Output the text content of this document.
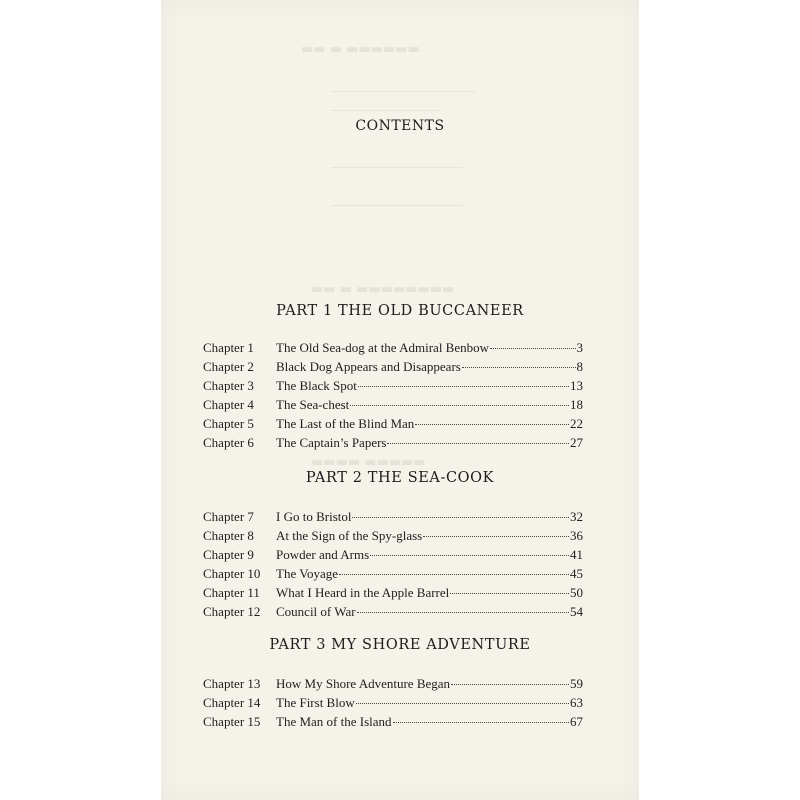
▬▬ ▬ ▬▬▬▬▬▬
――――――――――――
―――――――――
―――――――――――
―――――――――――
▬▬ ▬ ▬▬▬▬▬▬▬▬
▬▬▬▬ ▬▬▬▬▬
CONTENTS
PART 1 THE OLD BUCCANEER
Chapter 1	The Old Sea-dog at the Admiral Benbow	3
Chapter 2	Black Dog Appears and Disappears	8
Chapter 3	The Black Spot	13
Chapter 4	The Sea-chest	18
Chapter 5	The Last of the Blind Man	22
Chapter 6	The Captain’s Papers	27
PART 2 THE SEA-COOK
Chapter 7	I Go to Bristol	32
Chapter 8	At the Sign of the Spy-glass	36
Chapter 9	Powder and Arms	41
Chapter 10	The Voyage	45
Chapter 11	What I Heard in the Apple Barrel	50
Chapter 12	Council of War	54
PART 3 MY SHORE ADVENTURE
Chapter 13	How My Shore Adventure Began	59
Chapter 14	The First Blow	63
Chapter 15	The Man of the Island	67
